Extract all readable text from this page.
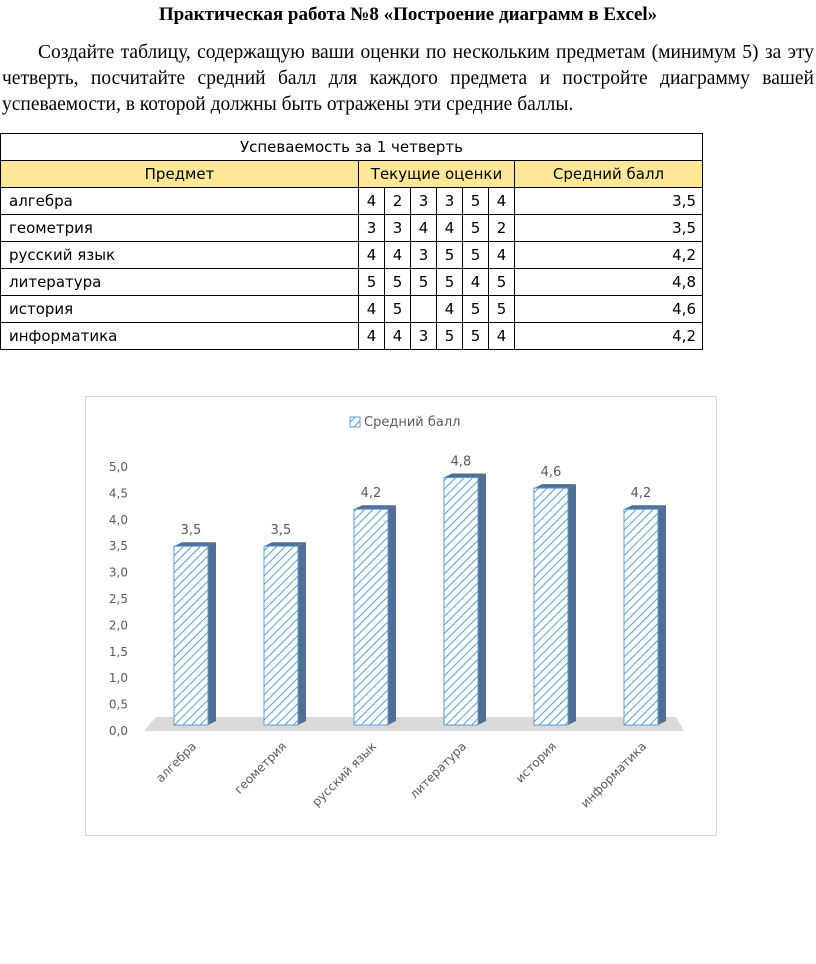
Практическая работа №8 «Построение диаграмм в Excel»
Создайте таблицу, содержащую ваши оценки по нескольким предметам (минимум 5) за эту четверть, посчитайте средний балл для каждого предмета и постройте диаграмму вашей успеваемости, в которой должны быть отражены эти средние баллы.
Успеваемость за 1 четверть							
Предмет	Текущие оценки						Средний балл
алгебра	4	2	3	3	5	4	3,5
геометрия	3	3	4	4	5	2	3,5
русский язык	4	4	3	5	5	4	4,2
литература	5	5	5	5	4	5	4,8
история	4	5		4	5	5	4,6
информатика	4	4	3	5	5	4	4,2
Средний балл
0,0
0,5
1,0
1,5
2,0
2,5
3,0
3,5
4,0
4,5
5,0
3,5	3,5
4,2
4,8
4,6
4,2
алгебра	геометрия русский язык литература	история информатика
